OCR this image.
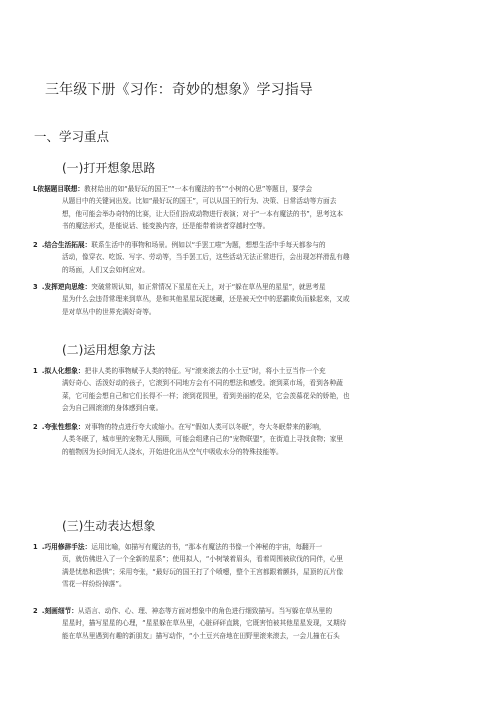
三年级下册《习作：奇妙的想象》学习指导
一、学习重点
(一)打开想象思路
L依据题目联想：教材给出的如“最好玩的国王”“一本有魔法的书”“小树的心思”等题目，要学会
从题目中的关键词出发。比如“最好玩的国王”，可以从国王的行为、决策、日常活动等方面去
想，他可能会举办奇特的比赛，让大臣们扮成动物进行表演；对于“一本有魔法的书”，思考这本
书的魔法形式，是能说话、能变换内容，还是能带着读者穿越时空等。
2 .结合生活拓展：联系生活中的事物和场景。例如以“手罢工啦”为题，想想生活中手每天都参与的
活动，像穿衣、吃饭、写字、劳动等，当手罢工后，这些活动无法正常进行，会出现怎样滑乱有趣
的场面，人们又会如何应对。
3 .发挥逆向思维：突破常规认知，如正常情况下星星在天上，对于“躲在草丛里的星星”，就思考星
星为什么会违背常理来到草丛，是和其他星星玩捉迷藏，还是被天空中的恶霸欺负而躲起来，又或
是对草丛中的世界充满好奇等。
(二)运用想象方法
1 .拟人化想象：把非人类的事物赋予人类的特征。写“滚来滚去的小土豆”时，将小土豆当作一个充
满好奇心、活泼好动的孩子，它滚到不同地方会有不同的想法和感受。滚到菜市场，看到各种蔬
菜，它可能会想自己和它们长得不一样；滚到花园里，看到美丽的花朵，它会羡慕花朵的娇艳，也
会为自己圆滚滚的身体感到自豪。
2 .夸张性想象：对事物的特点进行夸大或缩小。在写“假如人类可以冬眠”，夸大冬眠带来的影响，
人类冬眠了，城市里的宠物无人照顾，可能会组建自己的“宠物联盟”，在街道上寻找食物；家里
的植物因为长时间无人浇水，开始进化出从空气中吸收水分的特殊技能等。
(三)生动表达想象
1 .巧用修辞手法：运用比喻，如描写有魔法的书，“那本有魔法的书像一个神秘的宇宙，每翻开一
页，就仿佛进入了一个全新的星系”；使用拟人，“小树皱着眉头，看着周围被砍伐的同伴，心里
满是忧愁和恐惧”；采用夸张，“最好玩的国王打了个喷嚏，整个王宫都跟着颤抖，屋顶的瓦片像
雪花一样纷纷掉落”。
2 .刻画细节：从语言、动作、心、理、神态等方面对想象中的角色进行细致描写。当写躲在草丛里的
星星时，描写星星的心理，“星星躲在草丛里，心脏砰砰直跳，它既害怕被其他星星发现，又期待
能在草丛里遇到有趣的新朋友」描写动作，“小土豆兴奋地在田野里滚来滚去，一会儿撞在石头
